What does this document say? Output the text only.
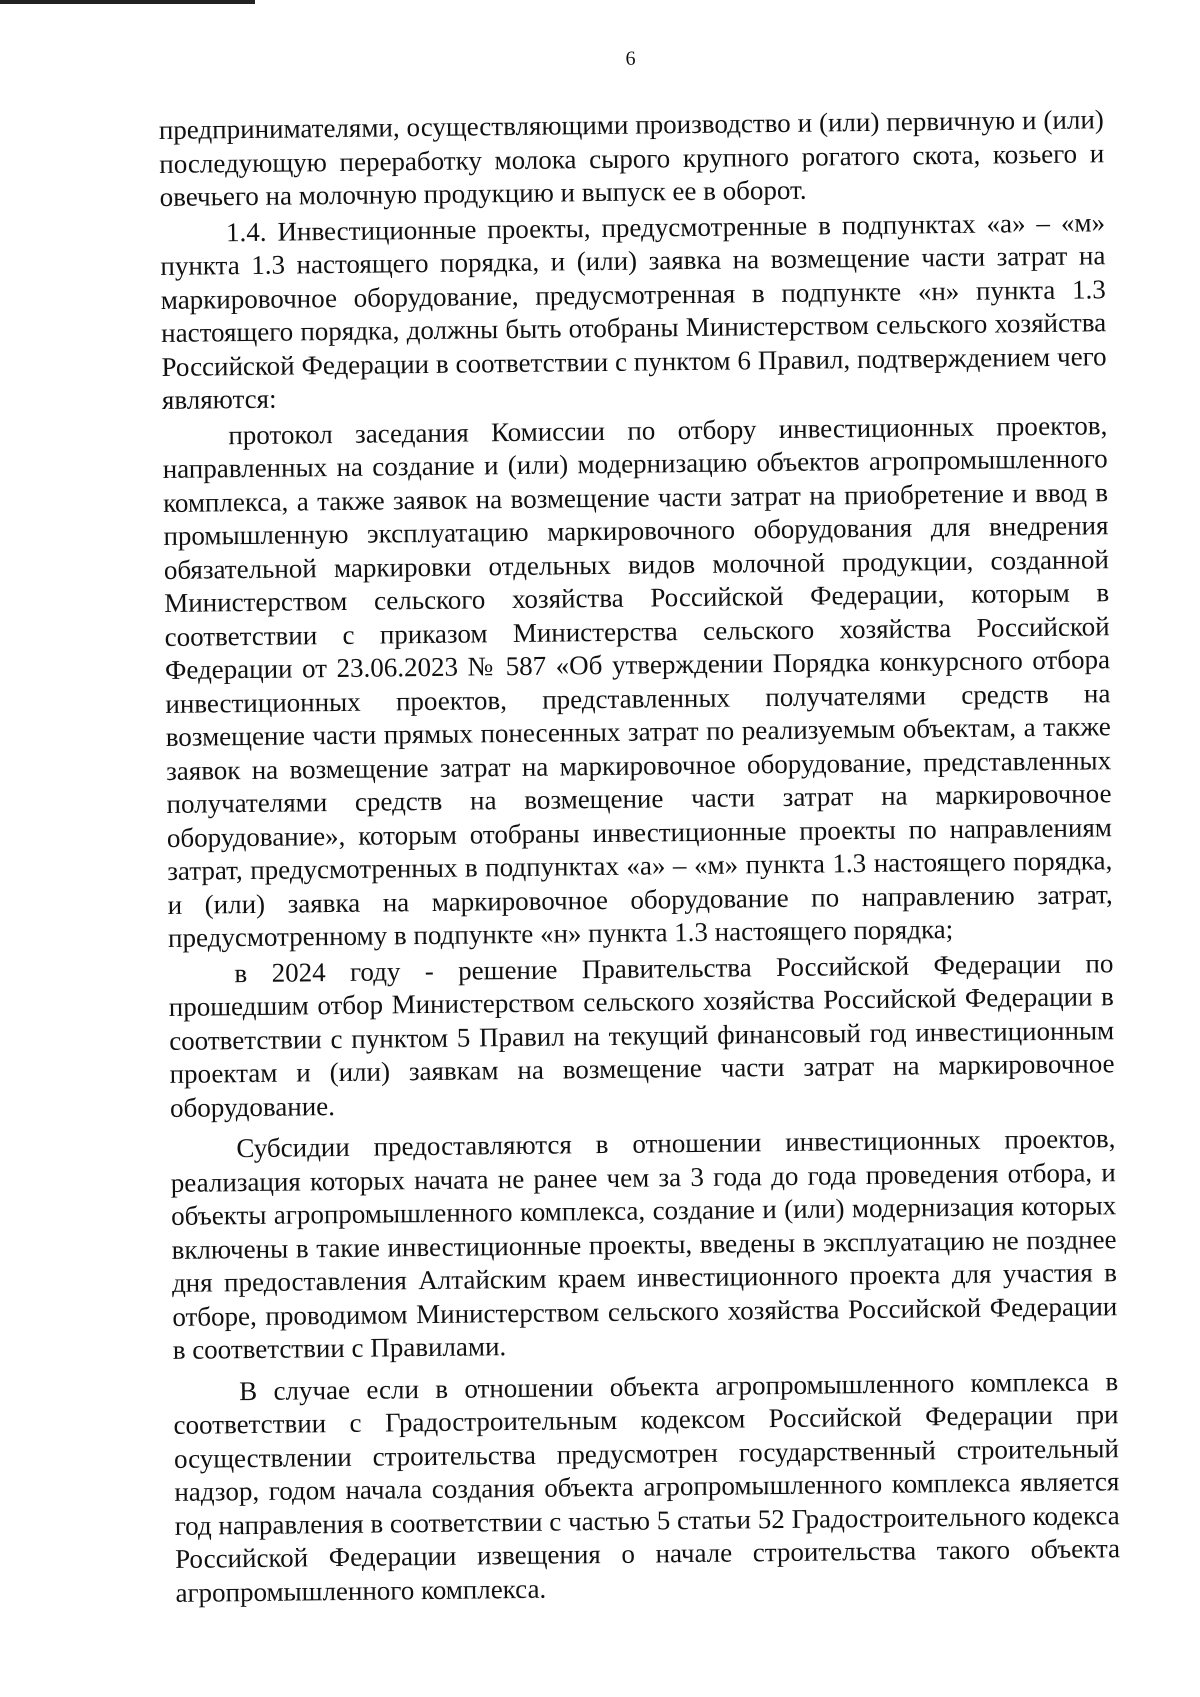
6

предпринимателями, осуществляющими производство и (или) первичную и (или) последующую переработку молока сырого крупного рогатого скота, козьего и овечьего на молочную продукцию и выпуск ее в оборот.

1.4. Инвестиционные проекты, предусмотренные в подпунктах «а» – «м» пункта 1.3 настоящего порядка, и (или) заявка на возмещение части затрат на маркировочное оборудование, предусмотренная в подпункте «н» пункта 1.3 настоящего порядка, должны быть отобраны Министерством сельского хозяйства Российской Федерации в соответствии с пунктом 6 Правил, подтверждением чего являются:

протокол заседания Комиссии по отбору инвестиционных проектов, направленных на создание и (или) модернизацию объектов агропромышленного комплекса, а также заявок на возмещение части затрат на приобретение и ввод в промышленную эксплуатацию маркировочного оборудования для внедрения обязательной маркировки отдельных видов молочной продукции, созданной Министерством сельского хозяйства Российской Федерации, которым в соответствии с приказом Министерства сельского хозяйства Российской Федерации от 23.06.2023 № 587 «Об утверждении Порядка конкурсного отбора инвестиционных проектов, представленных получателями средств на возмещение части прямых понесенных затрат по реализуемым объектам, а также заявок на возмещение затрат на маркировочное оборудование, представленных получателями средств на возмещение части затрат на маркировочное оборудование», которым отобраны инвестиционные проекты по направлениям затрат, предусмотренных в подпунктах «а» – «м» пункта 1.3 настоящего порядка, и (или) заявка на маркировочное оборудование по направлению затрат, предусмотренному в подпункте «н» пункта 1.3 настоящего порядка;

в 2024 году - решение Правительства Российской Федерации по прошедшим отбор Министерством сельского хозяйства Российской Федерации в соответствии с пунктом 5 Правил на текущий финансовый год инвестиционным проектам и (или) заявкам на возмещение части затрат на маркировочное оборудование.

Субсидии предоставляются в отношении инвестиционных проектов, реализация которых начата не ранее чем за 3 года до года проведения отбора, и объекты агропромышленного комплекса, создание и (или) модернизация которых включены в такие инвестиционные проекты, введены в эксплуатацию не позднее дня предоставления Алтайским краем инвестиционного проекта для участия в отборе, проводимом Министерством сельского хозяйства Российской Федерации в соответствии с Правилами.

В случае если в отношении объекта агропромышленного комплекса в соответствии с Градостроительным кодексом Российской Федерации при осуществлении строительства предусмотрен государственный строительный надзор, годом начала создания объекта агропромышленного комплекса является год направления в соответствии с частью 5 статьи 52 Градостроительного кодекса Российской Федерации извещения о начале строительства такого объекта агропромышленного комплекса.
